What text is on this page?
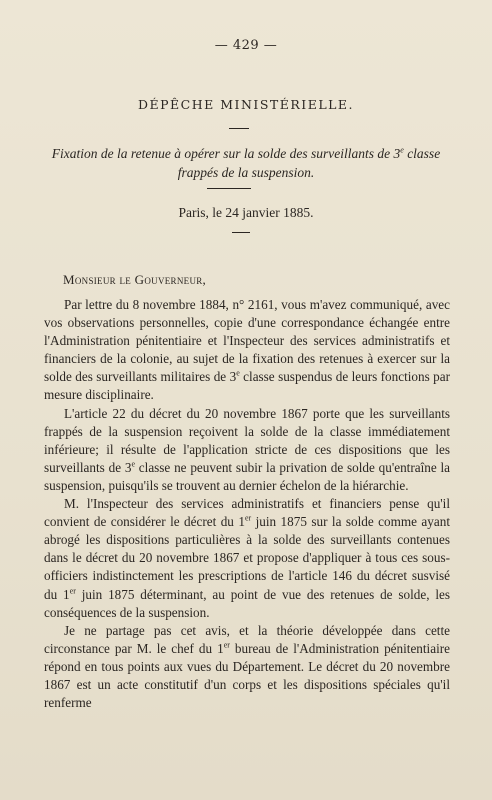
— 429 —
DÉPÊCHE MINISTÉRIELLE.
Fixation de la retenue à opérer sur la solde des surveillants de 3e classe frappés de la suspension.
Paris, le 24 janvier 1885.
Monsieur le Gouverneur,

Par lettre du 8 novembre 1884, n° 2161, vous m'avez communiqué, avec vos observations personnelles, copie d'une correspondance échangée entre l'Administration pénitentiaire et l'Inspecteur des services administratifs et financiers de la colonie, au sujet de la fixation des retenues à exercer sur la solde des surveillants militaires de 3e classe suspendus de leurs fonctions par mesure disciplinaire.

L'article 22 du décret du 20 novembre 1867 porte que les surveillants frappés de la suspension reçoivent la solde de la classe immédiatement inférieure; il résulte de l'application stricte de ces dispositions que les surveillants de 3e classe ne peuvent subir la privation de solde qu'entraîne la suspension, puisqu'ils se trouvent au dernier échelon de la hiérarchie.

M. l'Inspecteur des services administratifs et financiers pense qu'il convient de considérer le décret du 1er juin 1875 sur la solde comme ayant abrogé les dispositions particulières à la solde des surveillants contenues dans le décret du 20 novembre 1867 et propose d'appliquer à tous ces sous-officiers indistinctement les prescriptions de l'article 146 du décret susvisé du 1er juin 1875 déterminant, au point de vue des retenues de solde, les conséquences de la suspension.

Je ne partage pas cet avis, et la théorie développée dans cette circonstance par M. le chef du 1er bureau de l'Administration pénitentiaire répond en tous points aux vues du Département. Le décret du 20 novembre 1867 est un acte constitutif d'un corps et les dispositions spéciales qu'il renferme
